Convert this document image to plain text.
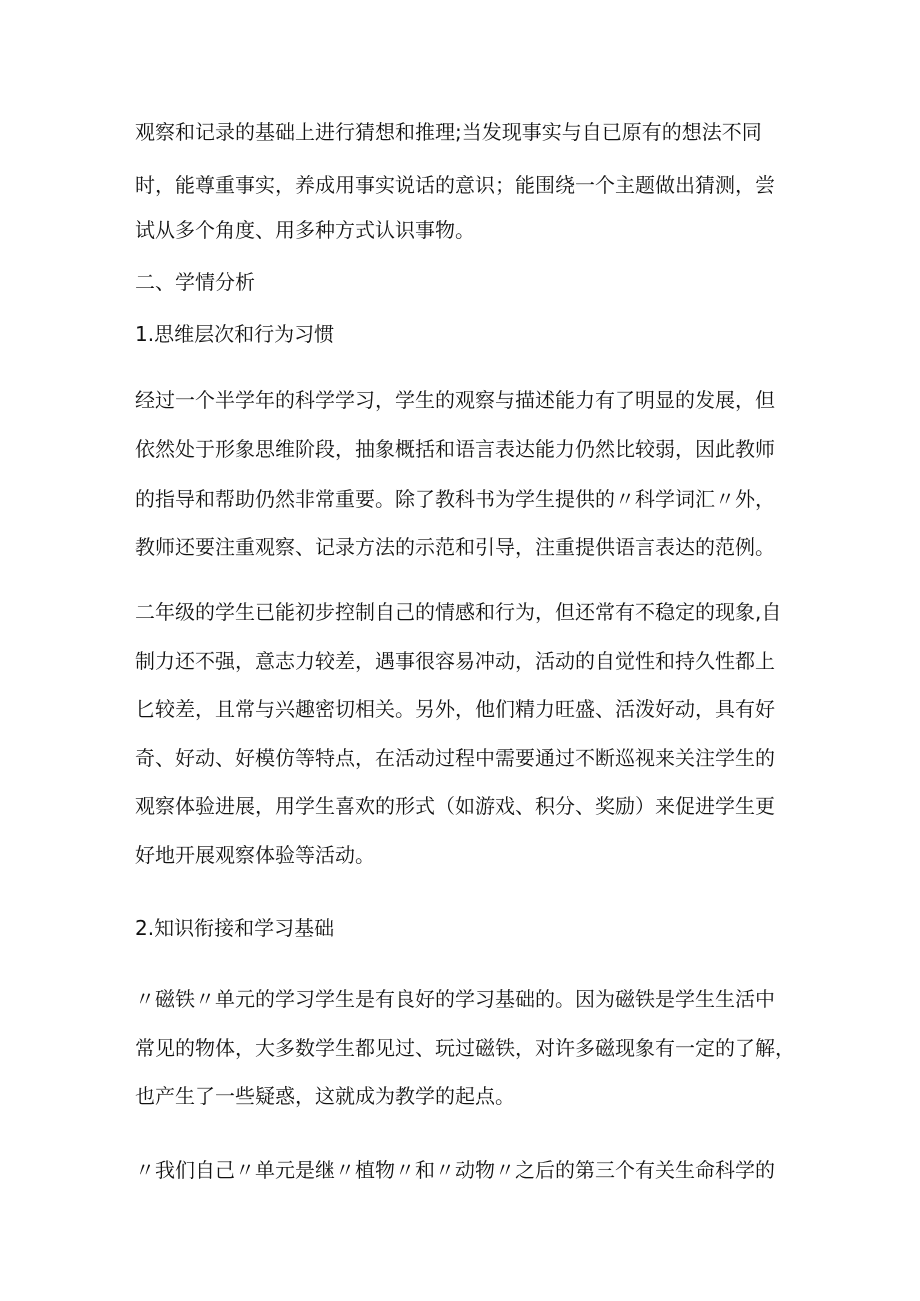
观察和记录的基础上进行猜想和推理;当发现事实与自已原有的想法不同
时，能尊重事实，养成用事实说话的意识；能围绕一个主题做出猜测，尝
试从多个角度、用多种方式认识事物。
二、学情分析
1.思维层次和行为习惯
经过一个半学年的科学学习，学生的观察与描述能力有了明显的发展，但
依然处于形象思维阶段，抽象概括和语言表达能力仍然比较弱，因此教师
的指导和帮助仍然非常重要。除了教科书为学生提供的〃科学词汇〃外，
教师还要注重观察、记录方法的示范和引导，注重提供语言表达的范例。
二年级的学生已能初步控制自己的情感和行为，但还常有不稳定的现象,自
制力还不强，意志力较差，遇事很容易冲动，活动的自觉性和持久性都上
匕较差，且常与兴趣密切相关。另外，他们精力旺盛、活泼好动，具有好
奇、好动、好模仿等特点，在活动过程中需要通过不断巡视来关注学生的
观察体验进展，用学生喜欢的形式（如游戏、积分、奖励）来促进学生更
好地开展观察体验等活动。
2.知识衔接和学习基础
〃磁铁〃单元的学习学生是有良好的学习基础的。因为磁铁是学生生活中
常见的物体，大多数学生都见过、玩过磁铁，对许多磁现象有一定的了解，
也产生了一些疑惑，这就成为教学的起点。
〃我们自己〃单元是继〃植物〃和〃动物〃之后的第三个有关生命科学的
